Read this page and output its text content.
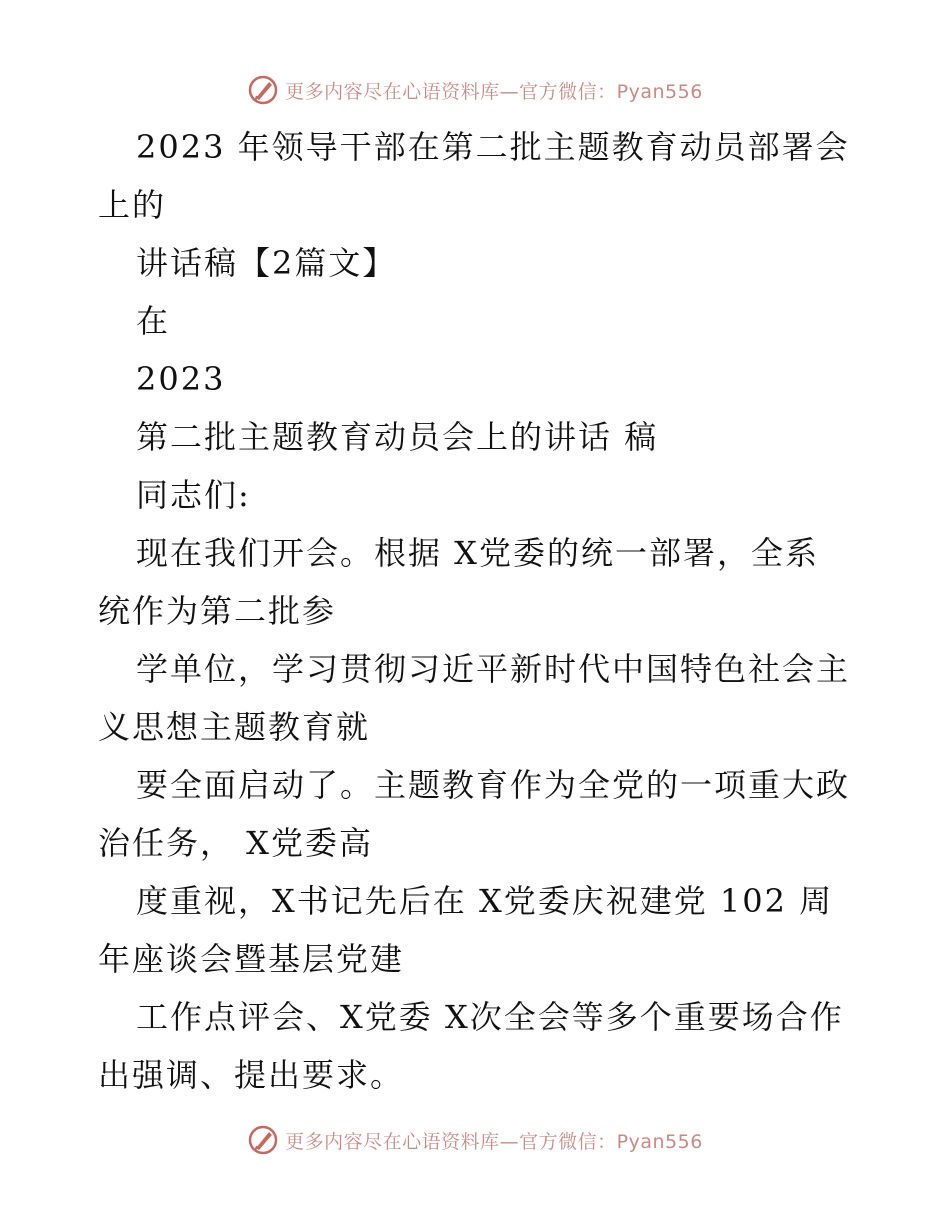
更多内容尽在心语资料库—官方微信：Pyan556
2023 年领导干部在第二批主题教育动员部署会
上的
讲话稿【2篇文】
在
2023
第二批主题教育动员会上的讲话 稿
同志们:
现在我们开会。根据 X党委的统一部署，全系
统作为第二批参
学单位，学习贯彻习近平新时代中国特色社会主
义思想主题教育就
要全面启动了。主题教育作为全党的一项重大政
治任务， X党委高
度重视，X书记先后在 X党委庆祝建党 102 周
年座谈会暨基层党建
工作点评会、X党委 X次全会等多个重要场合作
出强调、提出要求。
更多内容尽在心语资料库—官方微信：Pyan556
